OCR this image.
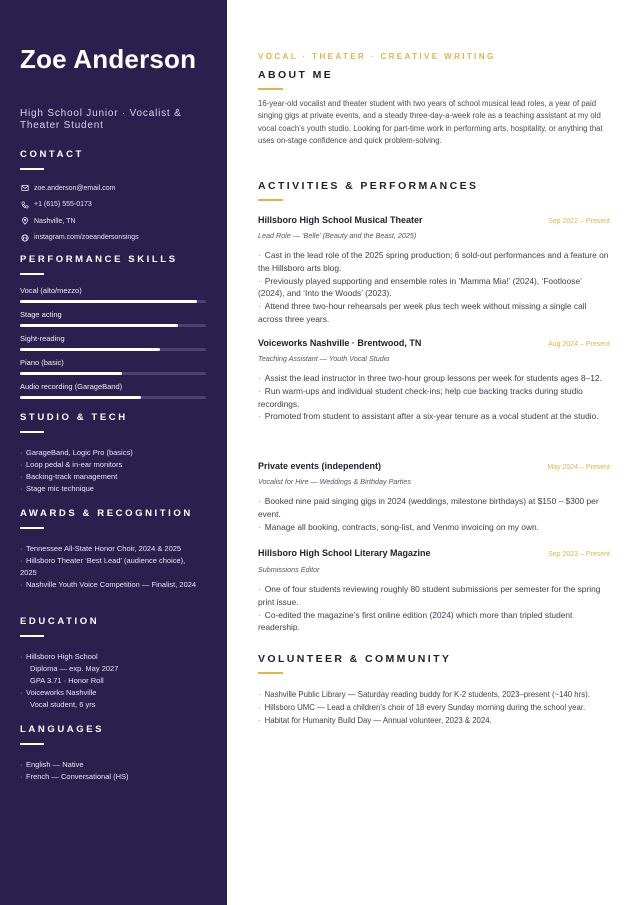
Zoe Anderson
High School Junior · Vocalist & Theater Student
CONTACT
zoe.anderson@email.com
+1 (615) 555-0173
Nashville, TN
instagram.com/zoeandersonsings
PERFORMANCE SKILLS
Vocal (alto/mezzo)
Stage acting
Sight-reading
Piano (basic)
Audio recording (GarageBand)
STUDIO & TECH
· GarageBand, Logic Pro (basics)
· Loop pedal & in-ear monitors
· Backing-track management
· Stage mic technique
AWARDS & RECOGNITION
· Tennessee All-State Honor Choir, 2024 & 2025
· Hillsboro Theater ‘Best Lead’ (audience choice),
2025
· Nashville Youth Voice Competition — Finalist, 2024
EDUCATION
· Hillsboro High School
Diploma — exp. May 2027
GPA 3.71 · Honor Roll
· Voiceworks Nashville
Vocal student, 6 yrs
LANGUAGES
· English — Native
· French — Conversational (HS)
VOCAL · THEATER · CREATIVE WRITING
ABOUT ME

16-year-old vocalist and theater student with two years of school musical lead roles, a year of paid singing gigs at private events, and a steady three-day-a-week role as a teaching assistant at my old vocal coach’s youth studio. Looking for part-time work in performing arts, hospitality, or anything that uses on-stage confidence and quick problem-solving.

ACTIVITIES & PERFORMANCES
Hillsboro High School Musical Theater	Sep 2022 – Present
Lead Role — ‘Belle’ (Beauty and the Beast, 2025)
· Cast in the lead role of the 2025 spring production; 6 sold-out performances and a feature on the Hillsboro arts blog.
· Previously played supporting and ensemble roles in ‘Mamma Mia!’ (2024), ‘Footloose’ (2024), and ‘Into the Woods’ (2023).
· Attend three two-hour rehearsals per week plus tech week without missing a single call across three years.
Voiceworks Nashville · Brentwood, TN	Aug 2024 – Present
Teaching Assistant — Youth Vocal Studio
· Assist the lead instructor in three two-hour group lessons per week for students ages 8–12.
· Run warm-ups and individual student check-ins; help cue backing tracks during studio recordings.
· Promoted from student to assistant after a six-year tenure as a vocal student at the studio.
Private events (independent)	May 2024 – Present
Vocalist for Hire — Weddings & Birthday Parties
· Booked nine paid singing gigs in 2024 (weddings, milestone birthdays) at $150 – $300 per event.
· Manage all booking, contracts, song-list, and Venmo invoicing on my own.
Hillsboro High School Literary Magazine	Sep 2023 – Present
Submissions Editor
· One of four students reviewing roughly 80 student submissions per semester for the spring print issue.
· Co-edited the magazine’s first online edition (2024) which more than tripled student readership.
VOLUNTEER & COMMUNITY
· Nashville Public Library — Saturday reading buddy for K-2 students, 2023–present (~140 hrs).
· Hillsboro UMC — Lead a children’s choir of 18 every Sunday morning during the school year.
· Habitat for Humanity Build Day — Annual volunteer, 2023 & 2024.
